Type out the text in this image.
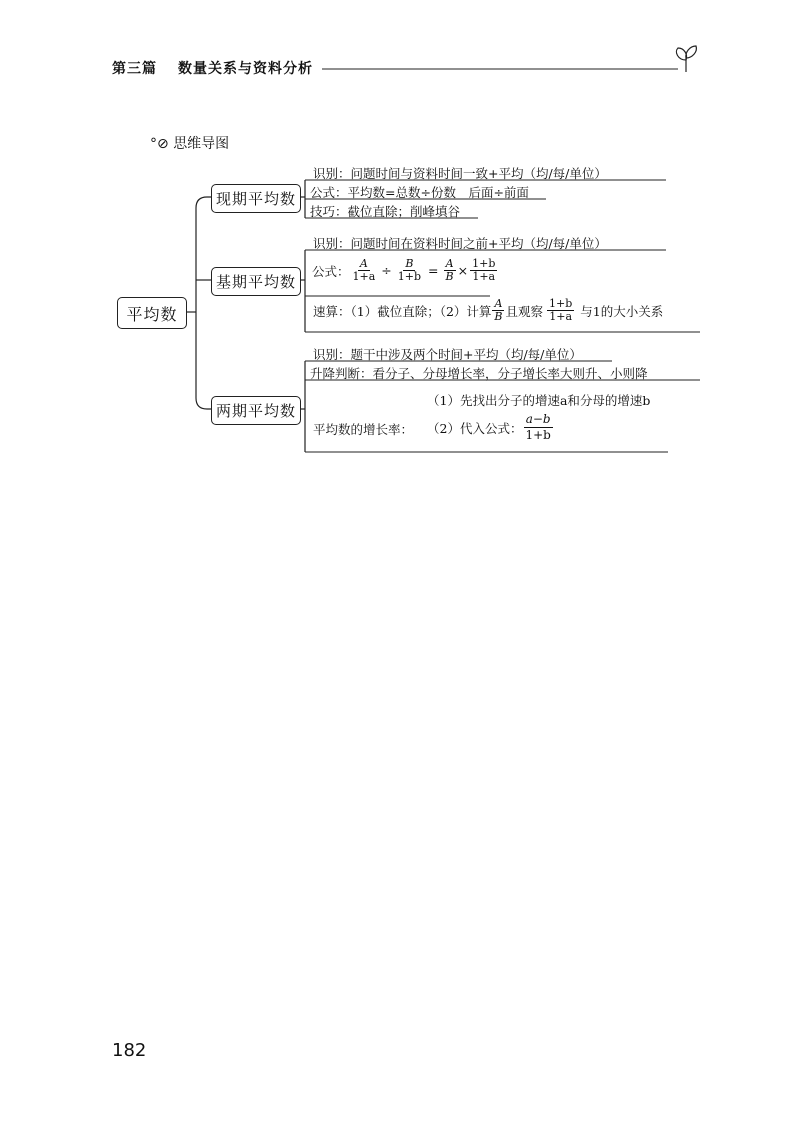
第三篇 数量关系与资料分析
°⊘ 思维导图
平均数
现期平均数
识别：问题时间与资料时间一致+平均（均/每/单位）
公式：平均数=总数÷份数　后面÷前面
技巧：截位直除；削峰填谷
基期平均数
识别：问题时间在资料时间之前+平均（均/每/单位）
公式： $\frac{A}{1+a} \div \frac{B}{1+b} = \frac{A}{B} \times \frac{1+b}{1+a}$
速算：（1）截位直除；（2）计算 $\frac{A}{B}$ 且观察 $\frac{1+b}{1+a}$ 与1的大小关系
两期平均数
识别：题干中涉及两个时间+平均（均/每/单位）
升降判断：看分子、分母增长率，分子增长率大则升、小则降
（1）先找出分子的增速a和分母的增速b
平均数的增长率： （2）代入公式： $\frac{a-b}{1+b}$
182
